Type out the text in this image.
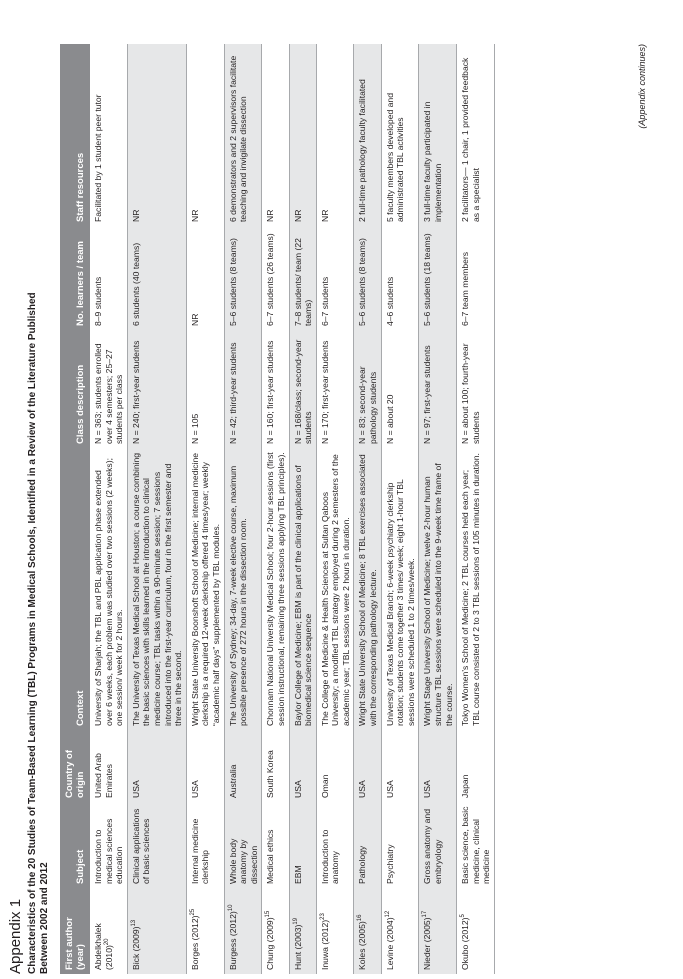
Appendix 1 Characteristics of the 20 Studies of Team-Based Learning (TBL) Programs in Medical Schools, Identified in a Review of the Literature Published Between 2002 and 2012 First author (year)	Subject	Country of origin	Context	Class description	No. learners / team	Staff resources
Abdelkhalek $(2010)^{20}$	Introduction to medical sciences education	United Arab Emirates	University of Sharjah; the TBL and PBL application phase extended over 6 weeks, each problem was studied over two sessions (2 weeks); one session/ week for 2 hours.	N = 363; students enrolled over 4 semesters; 25–27 students per class	8–9 students	Facilitated by 1 student peer tutor
Bick $(2009)^{13}$	Clinical applications of basic sciences	USA	The University of Texas Medical School at Houston; a course combining the basic sciences with skills learned in the introduction to clinical medicine course; TBL tasks within a 90-minute session; 7 sessions introduced into the first-year curriculum, four in the first semester and three in the second.	N = 240; first-year students	6 students (40 teams)	NR
Borges $(2012)^{25}$	Internal medicine clerkship	USA	Wright State University Boonshoft School of Medicine; internal medicine clerkship is a required 12-week clerkship offered 4 times/year; weekly “academic half days” supplemented by TBL modules.	N = 105	NR	NR
Burgess $(2012)^{10}$	Whole body anatomy by dissection	Australia	The University of Sydney; 34-day, 7-week elective course, maximum possible presence of 272 hours in the dissection room.	N = 42; third-year students	5–6 students (8 teams)	6 demonstrators and 2 supervisors facilitate teaching and invigilate dissection
Chung $(2009)^{15}$	Medical ethics	South Korea	Chonnam National University Medical School; four 2-hour sessions (first session instructional, remaining three sessions applying TBL principles).	N = 160; first-year students	6–7 students (26 teams)	NR
Hunt $(2003)^{19}$	EBM	USA	Baylor College of Medicine; EBM is part of the clinical applications of biomedical science sequence	N = 168/class; second-year students	7–8 students/ team (22 teams)	NR
Inuwa $(2012)^{23}$	Introduction to anatomy	Oman	The College of Medicine & Health Sciences at Sultan Qaboos University; a modified TBL strategy employed during 2 semesters of the academic year; TBL sessions were 2 hours in duration.	N = 170; first-year students	6–7 students	NR
Koles $(2005)^{16}$	Pathology	USA	Wright State University School of Medicine; 8 TBL exercises associated with the corresponding pathology lecture.	N = 83; second-year pathology students	5–6 students (8 teams)	2 full-time pathology faculty facilitated
Levine $(2004)^{12}$	Psychiatry	USA	University of Texas Medical Branch; 6-week psychiatry clerkship rotation; students come together 3 times/ week; eight 1-hour TBL sessions were scheduled 1 to 2 times/week.	N = about 20	4–6 students	5 faculty members developed and administrated TBL activities
Nieder $(2005)^{17}$	Gross anatomy and embryology	USA	Wright Stage University School of Medicine; twelve 2-hour human structure TBL sessions were scheduled into the 9-week time frame of the course.	N = 97; first-year students	5–6 students (18 teams)	3 full-time faculty participated in implementation
Okubo $(2012)^5$	Basic science, basic medicine, clinical medicine	Japan	Tokyo Women’s School of Medicine; 2 TBL courses held each year; TBL course consisted of 2 to 3 TBL sessions of 105 minutes in duration.	N = about 100; fourth-year students	6–7 team members	2 facilitators— 1 chair, 1 provided feedback as a specialist
(Appendix continues)
